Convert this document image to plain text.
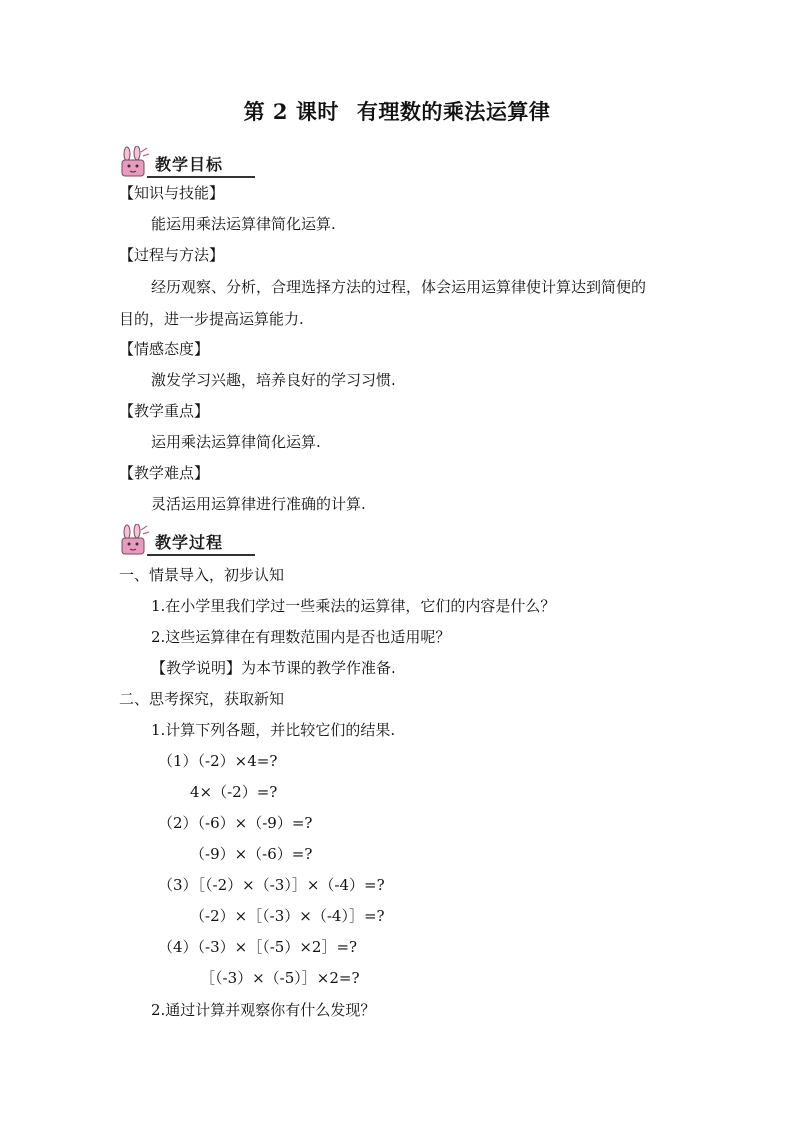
第 2 课时 有理数的乘法运算律
教学目标
【知识与技能】
能运用乘法运算律简化运算.
【过程与方法】
经历观察、分析，合理选择方法的过程，体会运用运算律使计算达到简便的
目的，进一步提高运算能力.
【情感态度】
激发学习兴趣，培养良好的学习习惯.
【教学重点】
运用乘法运算律简化运算.
【教学难点】
灵活运用运算律进行准确的计算.
教学过程
一、情景导入，初步认知
1.在小学里我们学过一些乘法的运算律，它们的内容是什么？
2.这些运算律在有理数范围内是否也适用呢？
【教学说明】为本节课的教学作准备.
二、思考探究，获取新知
1.计算下列各题，并比较它们的结果.
（1）（-2）×4=?
4×（-2）=?
（2）（-6）×（-9）=?
（-9）×（-6）=?
（3）［（-2）×（-3）］×（-4）=?
（-2）×［（-3）×（-4）］=?
（4）（-3）×［（-5）×2］=?
［（-3）×（-5）］×2=?
2.通过计算并观察你有什么发现？
